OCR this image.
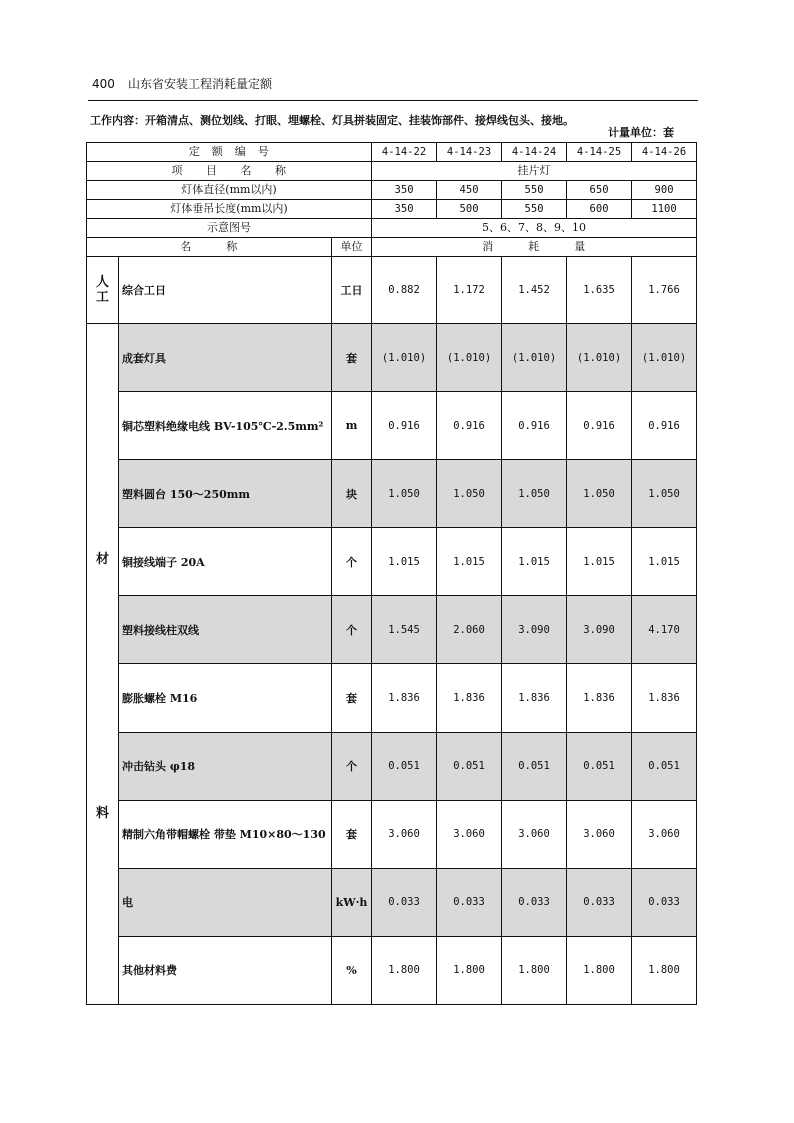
400 山东省安装工程消耗量定额
工作内容：开箱清点、测位划线、打眼、埋螺栓、灯具拼装固定、挂装饰部件、接焊线包头、接地。
计量单位：套
定　额　编　号			4-14-22	4-14-23	4-14-24	4-14-25	4-14-26
项　　目　　名　　称			挂片灯				
灯体直径(mm以内)			350	450	550	650	900
灯体垂吊长度(mm以内)			350	500	550	600	1100
示意图号			5、6、7、8、9、10				
名　　　称		单位	消　　　耗　　　量				

人
工	综合工日	工日	0.882	1.172	1.452	1.635	1.766

材
料	成套灯具	套	(1.010)	(1.010)	(1.010)	(1.010)	(1.010)
	铜芯塑料绝缘电线 BV-105℃-2.5mm²	m	0.916	0.916	0.916	0.916	0.916
	塑料圆台 150～250mm	块	1.050	1.050	1.050	1.050	1.050
	铜接线端子 20A	个	1.015	1.015	1.015	1.015	1.015
	塑料接线柱双线	个	1.545	2.060	3.090	3.090	4.170
	膨胀螺栓 M16	套	1.836	1.836	1.836	1.836	1.836
	冲击钻头 φ18	个	0.051	0.051	0.051	0.051	0.051
	精制六角带帽螺栓 带垫 M10×80～130	套	3.060	3.060	3.060	3.060	3.060
	电	kW·h	0.033	0.033	0.033	0.033	0.033
	其他材料费	%	1.800	1.800	1.800	1.800	1.800
